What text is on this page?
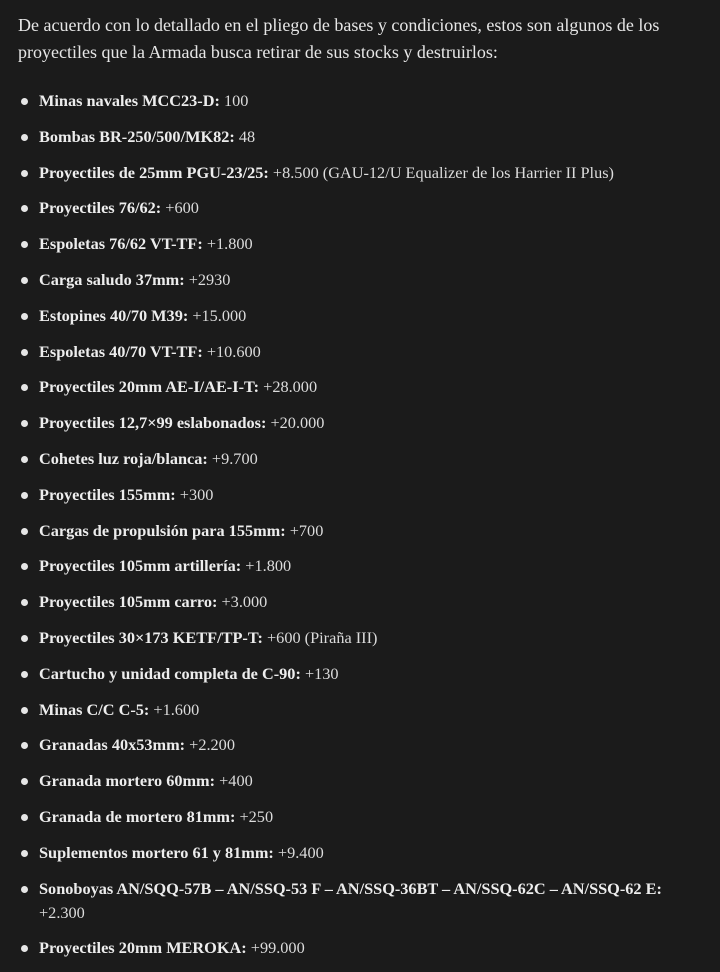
De acuerdo con lo detallado en el pliego de bases y condiciones, estos son algunos de los proyectiles que la Armada busca retirar de sus stocks y destruirlos:

Minas navales MCC23-D: 100
Bombas BR-250/500/MK82: 48
Proyectiles de 25mm PGU-23/25: +8.500 (GAU-12/U Equalizer de los Harrier II Plus)
Proyectiles 76/62: +600
Espoletas 76/62 VT-TF: +1.800
Carga saludo 37mm: +2930
Estopines 40/70 M39: +15.000
Espoletas 40/70 VT-TF: +10.600
Proyectiles 20mm AE-I/AE-I-T: +28.000
Proyectiles 12,7×99 eslabonados: +20.000
Cohetes luz roja/blanca: +9.700
Proyectiles 155mm: +300
Cargas de propulsión para 155mm: +700
Proyectiles 105mm artillería: +1.800
Proyectiles 105mm carro: +3.000
Proyectiles 30×173 KETF/TP-T: +600 (Piraña III)
Cartucho y unidad completa de C-90: +130
Minas C/C C-5: +1.600
Granadas 40x53mm: +2.200
Granada mortero 60mm: +400
Granada de mortero 81mm: +250
Suplementos mortero 61 y 81mm: +9.400
Sonoboyas AN/SQQ-57B – AN/SSQ-53 F – AN/SSQ-36BT – AN/SSQ-62C – AN/SSQ-62 E: +2.300
Proyectiles 20mm MEROKA: +99.000
